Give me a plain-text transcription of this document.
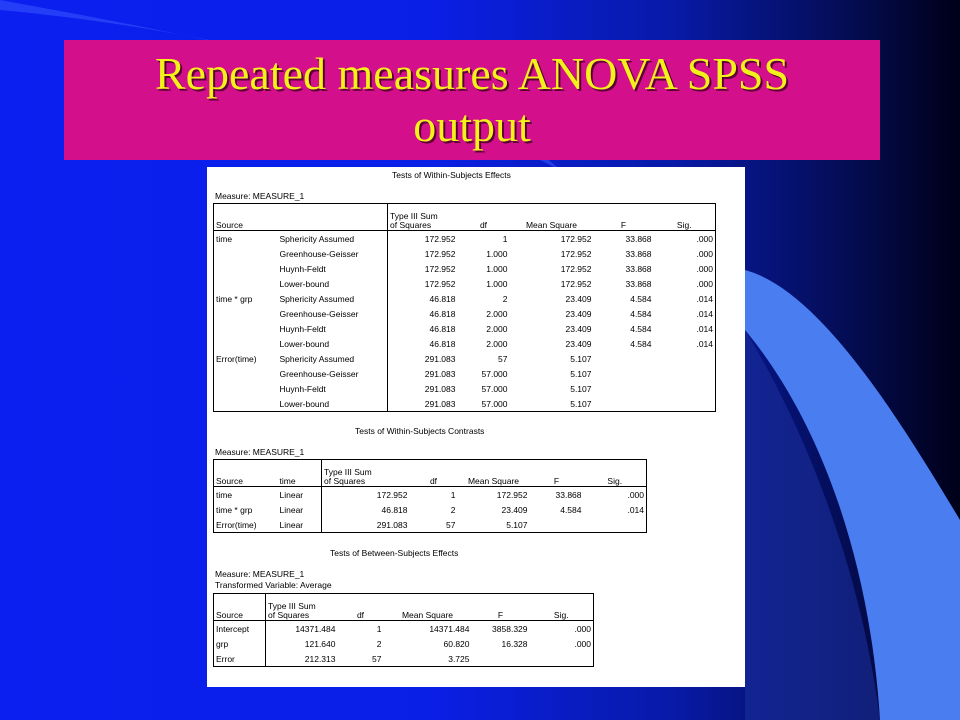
Repeated measures ANOVA SPSS output
Tests of Within-Subjects Effects
Measure: MEASURE_1
Source		Type III Sum
of Squares	df	Mean Square	F	Sig.
time	Sphericity Assumed	172.952	1	172.952	33.868	.000
	Greenhouse-Geisser	172.952	1.000	172.952	33.868	.000
	Huynh-Feldt	172.952	1.000	172.952	33.868	.000
	Lower-bound	172.952	1.000	172.952	33.868	.000
time * grp	Sphericity Assumed	46.818	2	23.409	4.584	.014
	Greenhouse-Geisser	46.818	2.000	23.409	4.584	.014
	Huynh-Feldt	46.818	2.000	23.409	4.584	.014
	Lower-bound	46.818	2.000	23.409	4.584	.014
Error(time)	Sphericity Assumed	291.083	57	5.107		
	Greenhouse-Geisser	291.083	57.000	5.107		
	Huynh-Feldt	291.083	57.000	5.107		
	Lower-bound	291.083	57.000	5.107		
Tests of Within-Subjects Contrasts
Measure: MEASURE_1
Source	time	Type III Sum
of Squares	df	Mean Square	F	Sig.
time	Linear	172.952	1	172.952	33.868	.000
time * grp	Linear	46.818	2	23.409	4.584	.014
Error(time)	Linear	291.083	57	5.107		
Tests of Between-Subjects Effects
Measure: MEASURE_1
Transformed Variable: Average
Source	Type III Sum
of Squares	df	Mean Square	F	Sig.
Intercept	14371.484	1	14371.484	3858.329	.000
grp	121.640	2	60.820	16.328	.000
Error	212.313	57	3.725		
